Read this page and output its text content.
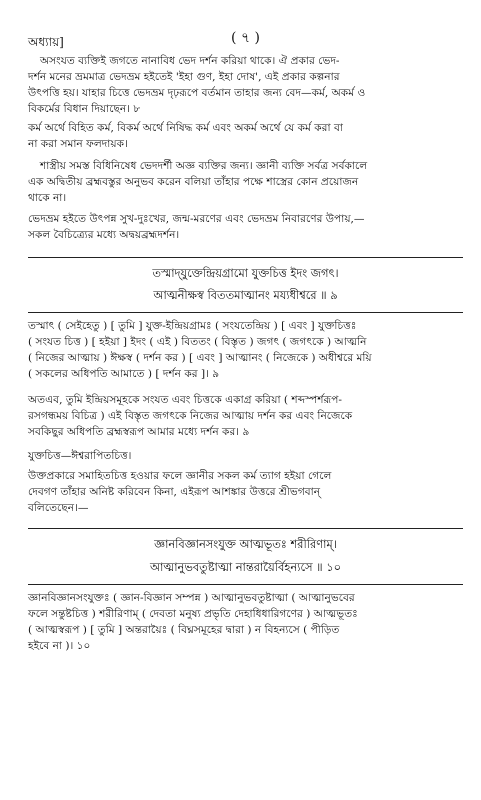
অধ্যায়]	( ৭ )

অসংযত ব্যক্তিই জগতে নানাবিধ ভেদ দর্শন করিয়া থাকে। ঐ প্রকার ভেদ-

দর্শন মনের ভ্রমমাত্র ভেদভ্রম হইতেই 'ইহা গুণ, ইহা দোষ', এই প্রকার কল্পনার

উৎপত্তি হয়। যাহার চিত্তে ভেদভ্রম দৃঢ়রূপে বর্তমান তাহার জন্য বেদ—কর্ম, অকর্ম ও

বিকর্মের বিধান দিয়াছেন। ৮

কর্ম অর্থে বিহিত কর্ম, বিকর্ম অর্থে নিষিদ্ধ কর্ম এবং অকর্ম অর্থে যে কর্ম করা বা

না করা সমান ফলদায়ক।

শাস্ত্রীয় সমস্ত বিধিনিষেধ ভেদদর্শী অজ্ঞ ব্যক্তির জন্য। জ্ঞানী ব্যক্তি সর্বত্র সর্বকালে

এক অদ্বিতীয় ব্রহ্মবস্তুর অনুভব করেন বলিয়া তাঁহার পক্ষে শাস্ত্রের কোন প্রয়োজন

থাকে না।

ভেদভ্রম হইতে উৎপন্ন সুখ-দুঃখের, জন্ম-মরণের এবং ভেদভ্রম নিবারণের উপায়,—

সকল বৈচিত্র্যের মধ্যে অদ্বয়ব্রহ্মদর্শন।

তস্মাদ্‌যুক্তেন্দ্রিয়গ্রামো যুক্তচিত্ত ইদং জগৎ।

আত্মনীক্ষস্ব বিততমাত্মানং ময্যধীশ্বরে ॥ ৯

তস্মাৎ ( সেইহেতু ) [ তুমি ] যুক্ত-ইন্দ্রিয়গ্রামঃ ( সংযতেন্দ্রিয় ) [ এবং ] যুক্তচিত্তঃ

( সংযত চিত্ত ) [ হইয়া ] ইদং ( এই ) বিততং ( বিস্তৃত ) জগৎ ( জগৎকে ) আত্মনি

( নিজের আত্মায় ) ঈক্ষস্ব ( দর্শন কর ) [ এবং ] আত্মানং ( নিজেকে ) অধীশ্বরে ময়ি

( সকলের অধিপতি আমাতে ) [ দর্শন কর ]। ৯

অতএব, তুমি ইন্দ্রিয়সমূহকে সংযত এবং চিত্তকে একাগ্র করিয়া ( শব্দস্পর্শরূপ-

রসগন্ধময় বিচিত্র ) এই বিস্তৃত জগৎকে নিজের আত্মায় দর্শন কর এবং নিজেকে

সবকিছুর অধিপতি ব্রহ্মস্বরূপ আমার মধ্যে দর্শন কর। ৯

যুক্তচিত্ত—ঈশ্বরাপিতচিত্ত।

উক্তপ্রকারে সমাহিতচিত্ত হওয়ার ফলে জ্ঞানীর সকল কর্ম ত্যাগ হইয়া গেলে

দেবগণ তাঁহার অনিষ্ট করিবেন কিনা, এইরূপ আশঙ্কার উত্তরে শ্রীভগবান্‌

বলিতেছেন।—

জ্ঞানবিজ্ঞানসংযুক্ত আত্মভূতঃ শরীরিণাম্‌।

আত্মানুভবতুষ্টাত্মা নান্তরায়ৈর্বিহন্যসে ॥ ১০

জ্ঞানবিজ্ঞানসংযুক্তঃ ( জ্ঞান-বিজ্ঞান সম্পন্ন ) আত্মানুভবতুষ্টাত্মা ( আত্মানুভবের

ফলে সন্তুষ্টচিত্ত ) শরীরিণাম্‌ ( দেবতা মনুষ্য প্রভৃতি দেহাধিধারিগণের ) আত্মভূতঃ

( আত্মস্বরূপ ) [ তুমি ] অন্তরায়ৈঃ ( বিঘ্নসমূহের দ্বারা ) ন বিহন্যসে ( পীড়িত

হইবে না )। ১০
